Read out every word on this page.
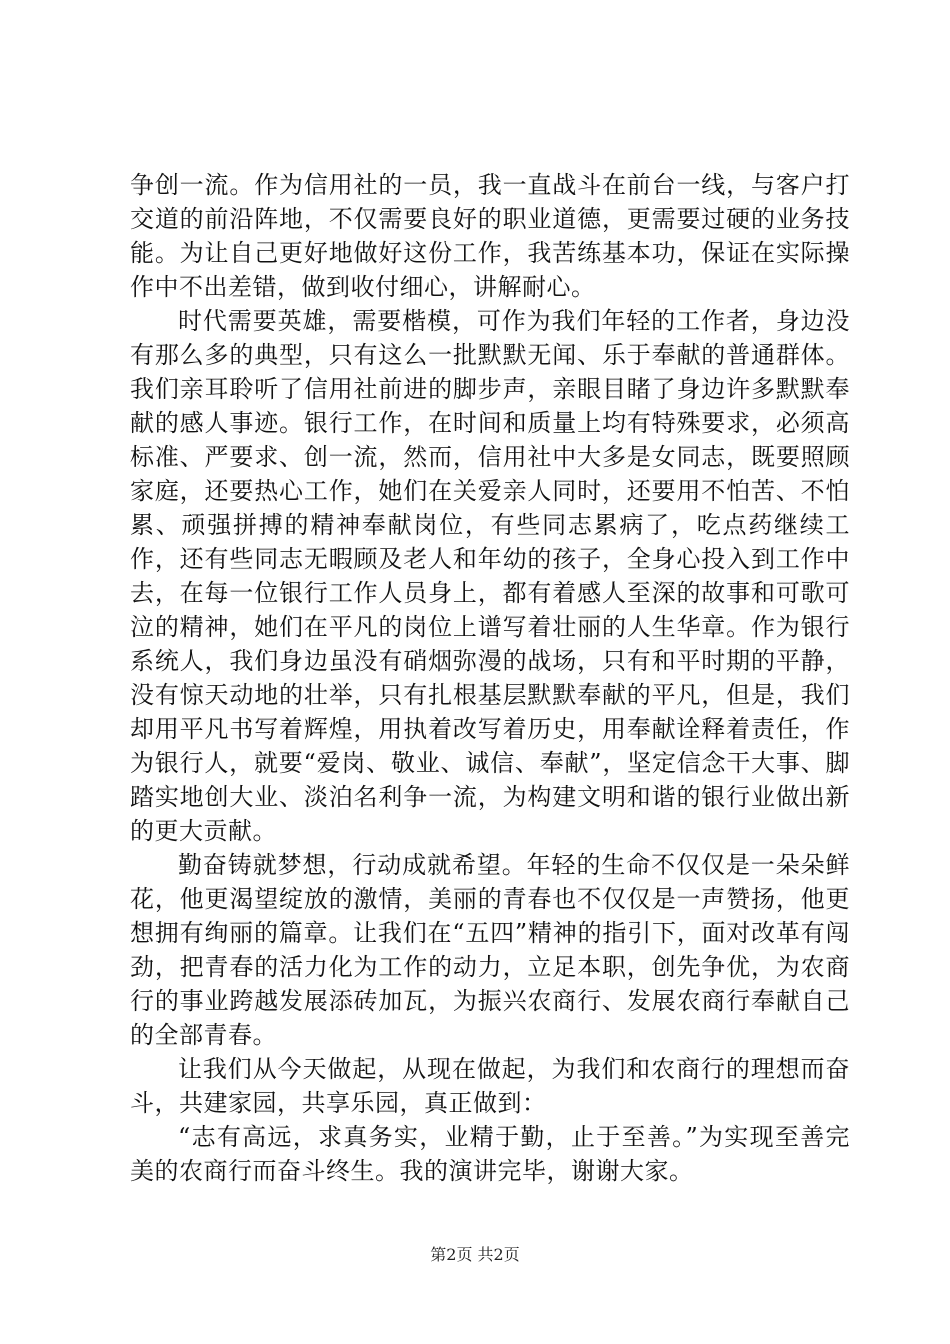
争创一流。作为信用社的一员，我一直战斗在前台一线，与客户打交道的前沿阵地，不仅需要良好的职业道德，更需要过硬的业务技能。为让自己更好地做好这份工作，我苦练基本功，保证在实际操作中不出差错，做到收付细心，讲解耐心。

时代需要英雄，需要楷模，可作为我们年轻的工作者，身边没有那么多的典型，只有这么一批默默无闻、乐于奉献的普通群体。我们亲耳聆听了信用社前进的脚步声，亲眼目睹了身边许多默默奉献的感人事迹。银行工作，在时间和质量上均有特殊要求，必须高标准、严要求、创一流，然而，信用社中大多是女同志，既要照顾家庭，还要热心工作，她们在关爱亲人同时，还要用不怕苦、不怕累、顽强拼搏的精神奉献岗位，有些同志累病了，吃点药继续工作，还有些同志无暇顾及老人和年幼的孩子，全身心投入到工作中去，在每一位银行工作人员身上，都有着感人至深的故事和可歌可泣的精神，她们在平凡的岗位上谱写着壮丽的人生华章。作为银行系统人，我们身边虽没有硝烟弥漫的战场，只有和平时期的平静，没有惊天动地的壮举，只有扎根基层默默奉献的平凡，但是，我们却用平凡书写着辉煌，用执着改写着历史，用奉献诠释着责任，作为银行人，就要“爱岗、敬业、诚信、奉献”，坚定信念干大事、脚踏实地创大业、淡泊名利争一流，为构建文明和谐的银行业做出新的更大贡献。

勤奋铸就梦想，行动成就希望。年轻的生命不仅仅是一朵朵鲜花，他更渴望绽放的激情，美丽的青春也不仅仅是一声赞扬，他更想拥有绚丽的篇章。让我们在“五四”精神的指引下，面对改革有闯劲，把青春的活力化为工作的动力，立足本职，创先争优，为农商行的事业跨越发展添砖加瓦，为振兴农商行、发展农商行奉献自己的全部青春。

让我们从今天做起，从现在做起，为我们和农商行的理想而奋斗，共建家园，共享乐园，真正做到：

“志有高远，求真务实，业精于勤，止于至善。”为实现至善完美的农商行而奋斗终生。我的演讲完毕，谢谢大家。

第2页 共2页
